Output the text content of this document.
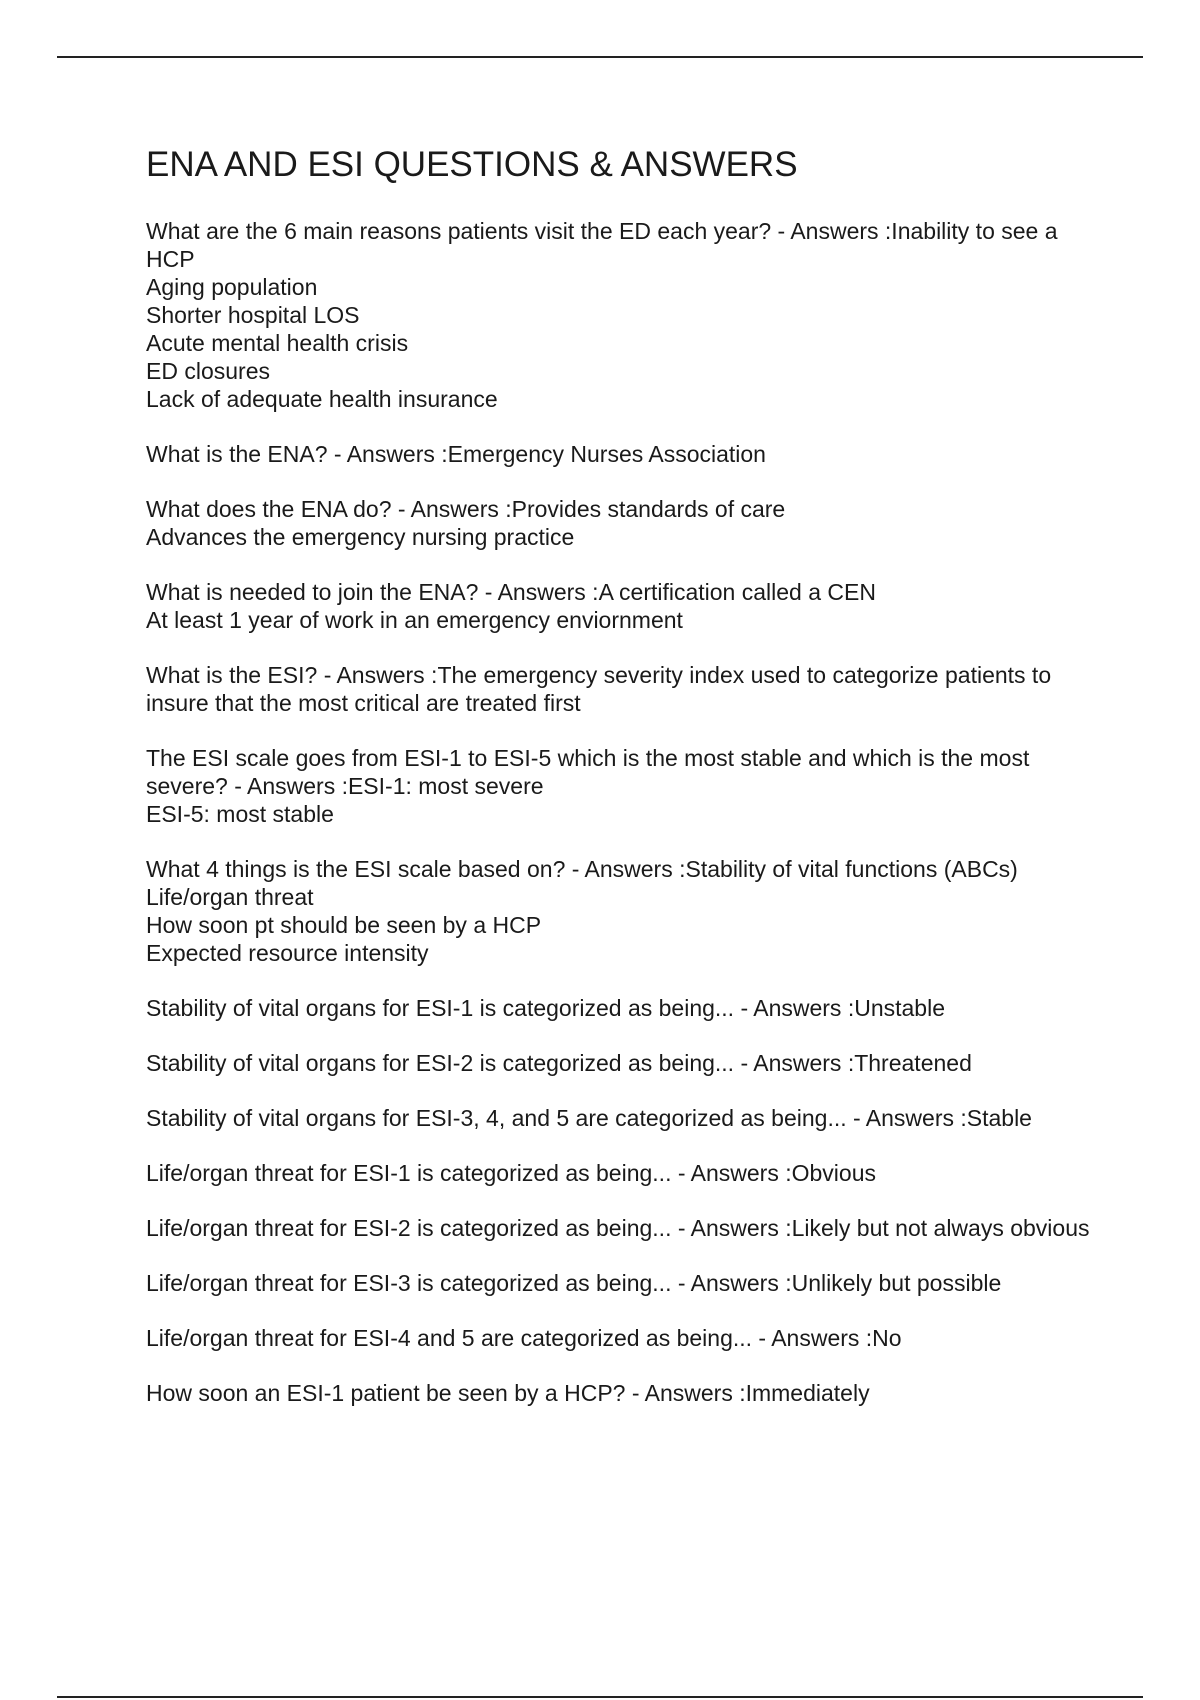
ENA AND ESI QUESTIONS & ANSWERS
What are the 6 main reasons patients visit the ED each year? - Answers :Inability to see a HCP
Aging population
Shorter hospital LOS
Acute mental health crisis
ED closures
Lack of adequate health insurance
What is the ENA? - Answers :Emergency Nurses Association
What does the ENA do? - Answers :Provides standards of care
Advances the emergency nursing practice
What is needed to join the ENA? - Answers :A certification called a CEN
At least 1 year of work in an emergency enviornment
What is the ESI? - Answers :The emergency severity index used to categorize patients to insure that the most critical are treated first
The ESI scale goes from ESI-1 to ESI-5 which is the most stable and which is the most severe? - Answers :ESI-1: most severe
ESI-5: most stable
What 4 things is the ESI scale based on? - Answers :Stability of vital functions (ABCs)
Life/organ threat
How soon pt should be seen by a HCP
Expected resource intensity
Stability of vital organs for ESI-1 is categorized as being... - Answers :Unstable
Stability of vital organs for ESI-2 is categorized as being... - Answers :Threatened
Stability of vital organs for ESI-3, 4, and 5 are categorized as being... - Answers :Stable
Life/organ threat for ESI-1 is categorized as being... - Answers :Obvious
Life/organ threat for ESI-2 is categorized as being... - Answers :Likely but not always obvious
Life/organ threat for ESI-3 is categorized as being... - Answers :Unlikely but possible
Life/organ threat for ESI-4 and 5 are categorized as being... - Answers :No
How soon an ESI-1 patient be seen by a HCP? - Answers :Immediately
